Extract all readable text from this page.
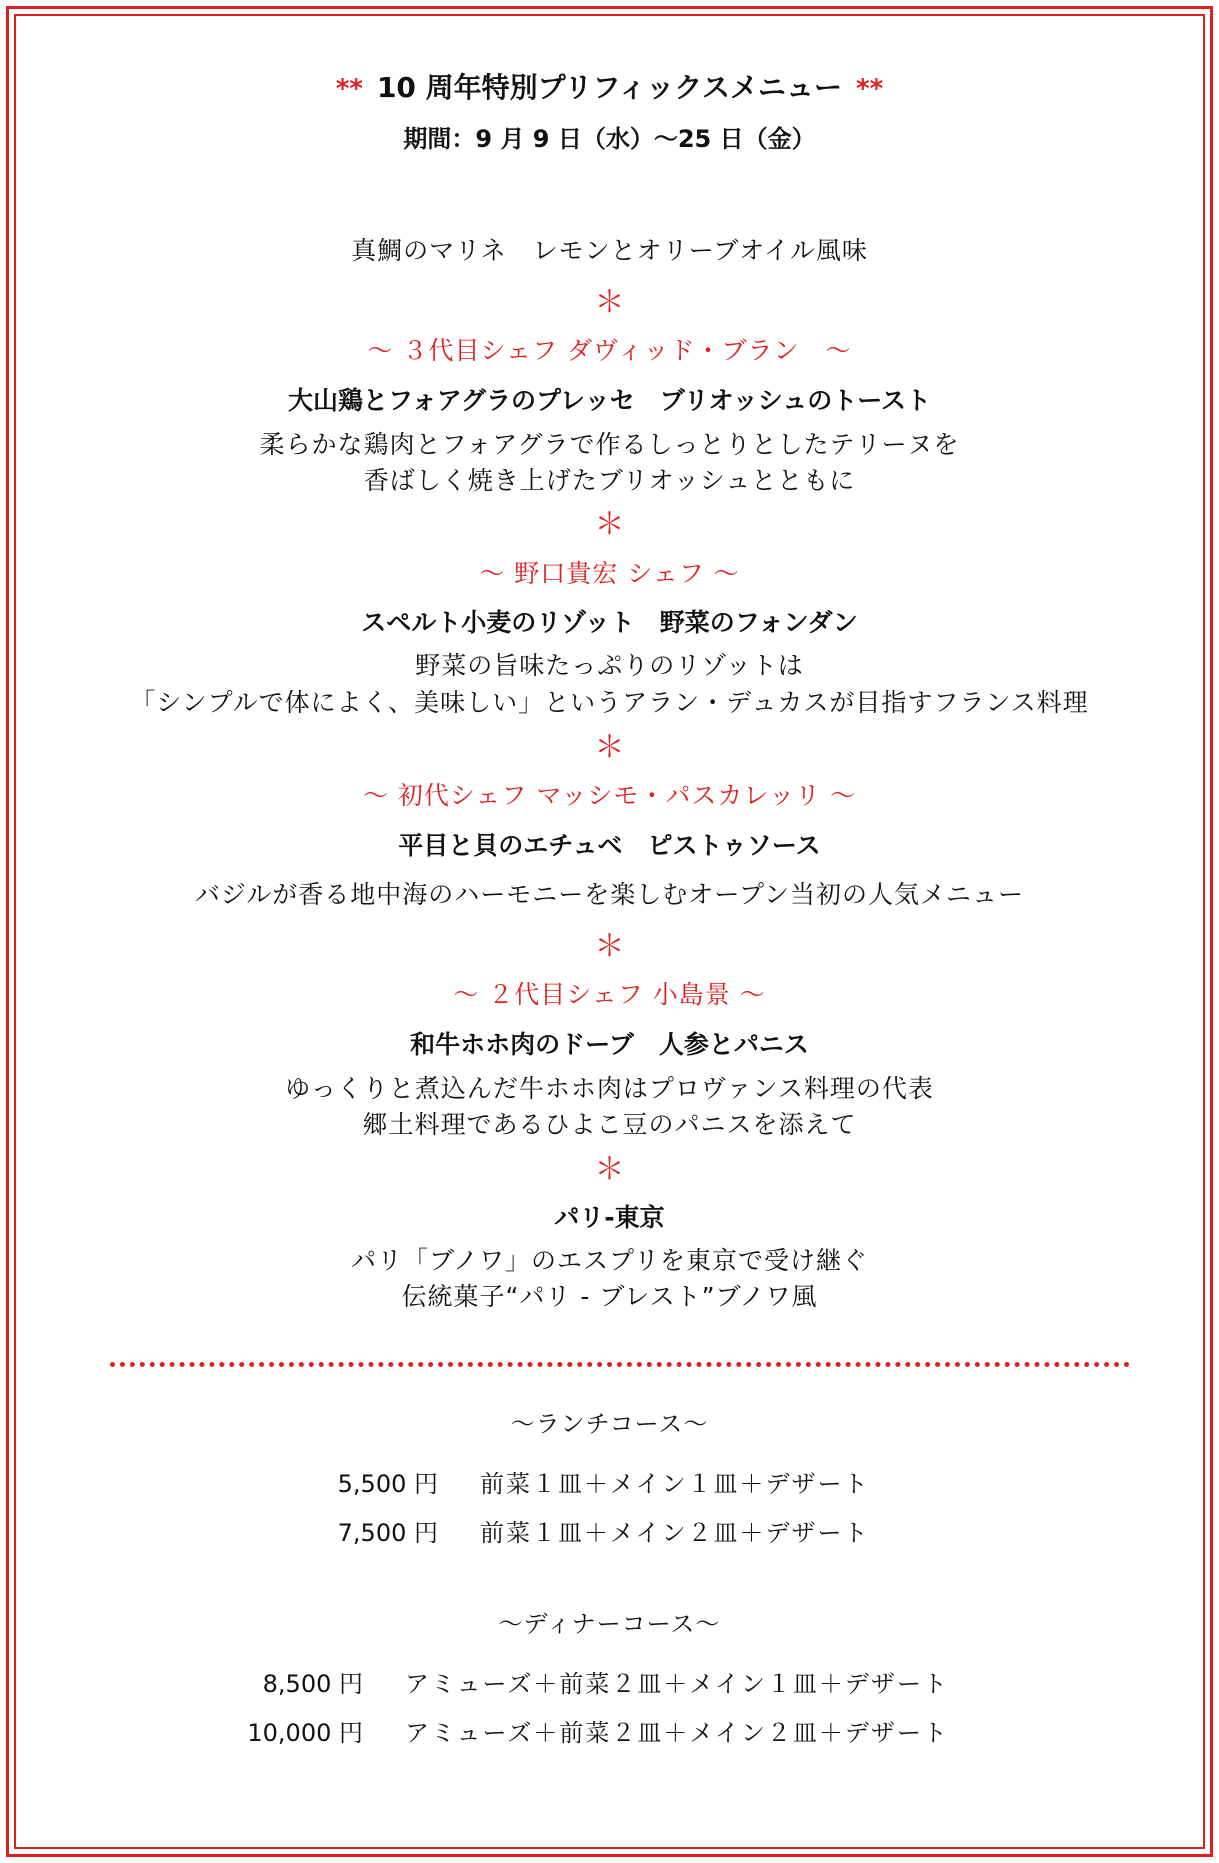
** 10 周年特別プリフィックスメニュー **
期間：9 月 9 日（水）～25 日（金）
真鯛のマリネ　レモンとオリーブオイル風味
＊
～ ３代目シェフ ダヴィッド・ブラン　～
大山鶏とフォアグラのプレッセ　ブリオッシュのトースト
柔らかな鶏肉とフォアグラで作るしっとりとしたテリーヌを
香ばしく焼き上げたブリオッシュとともに
＊
～ 野口貴宏 シェフ ～
スペルト小麦のリゾット　野菜のフォンダン
野菜の旨味たっぷりのリゾットは
「シンプルで体によく、美味しい」というアラン・デュカスが目指すフランス料理
＊
～ 初代シェフ マッシモ・パスカレッリ ～
平目と貝のエチュベ　ピストゥソース
バジルが香る地中海のハーモニーを楽しむオープン当初の人気メニュー
＊
～ ２代目シェフ 小島景 ～
和牛ホホ肉のドーブ　人参とパニス
ゆっくりと煮込んだ牛ホホ肉はプロヴァンス料理の代表
郷土料理であるひよこ豆のパニスを添えて
＊
パリ-東京
パリ「ブノワ」のエスプリを東京で受け継ぐ
伝統菓子“パリ - ブレスト”ブノワ風
～ランチコース～
5,500 円 前菜１皿＋メイン１皿＋デザート
7,500 円 前菜１皿＋メイン２皿＋デザート
～ディナーコース～
8,500 円 アミューズ＋前菜２皿＋メイン１皿＋デザート
10,000 円 アミューズ＋前菜２皿＋メイン２皿＋デザート
